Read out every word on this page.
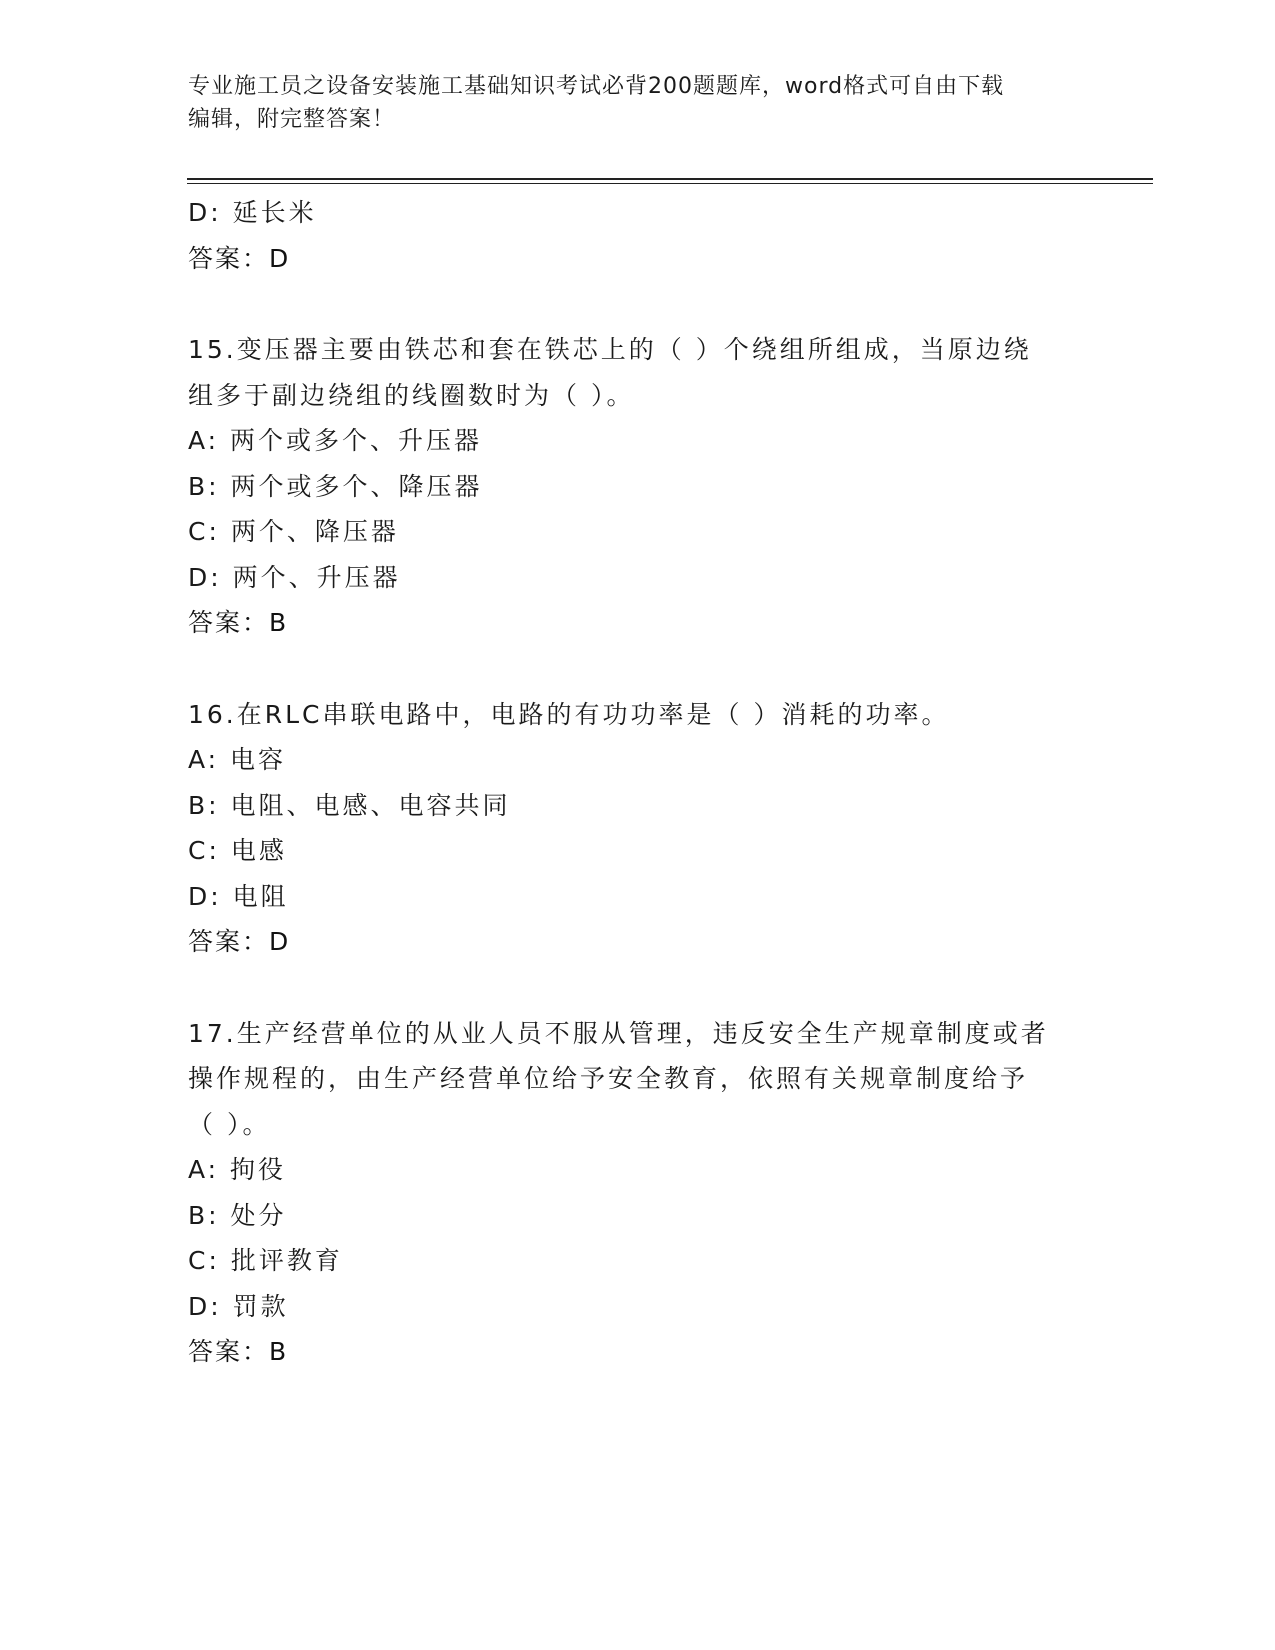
专业施工员之设备安装施工基础知识考试必背200题题库，word格式可自由下载
编辑，附完整答案！
D: 延长米
答案：D
15.变压器主要由铁芯和套在铁芯上的（ ）个绕组所组成，当原边绕
组多于副边绕组的线圈数时为（ ）。
A: 两个或多个、升压器
B: 两个或多个、降压器
C: 两个、降压器
D: 两个、升压器
答案：B
16.在RLC串联电路中，电路的有功功率是（ ）消耗的功率。
A: 电容
B: 电阻、电感、电容共同
C: 电感
D: 电阻
答案：D
17.生产经营单位的从业人员不服从管理，违反安全生产规章制度或者
操作规程的，由生产经营单位给予安全教育，依照有关规章制度给予
（ ）。
A: 拘役
B: 处分
C: 批评教育
D: 罚款
答案：B
